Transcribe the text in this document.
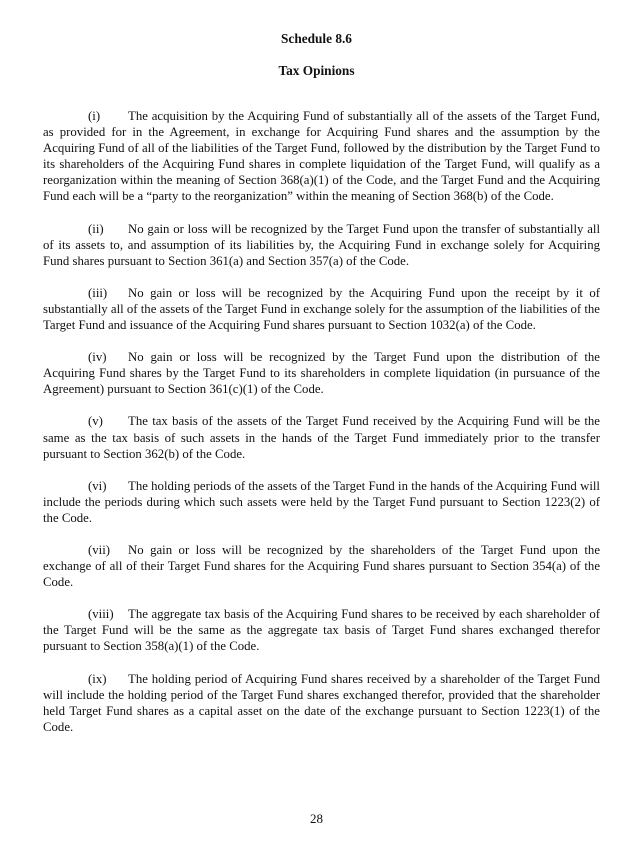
Schedule 8.6
Tax Opinions

(i) The acquisition by the Acquiring Fund of substantially all of the assets of the Target Fund, as provided for in the Agreement, in exchange for Acquiring Fund shares and the assumption by the Acquiring Fund of all of the liabilities of the Target Fund, followed by the distribution by the Target Fund to its shareholders of the Acquiring Fund shares in complete liquidation of the Target Fund, will qualify as a reorganization within the meaning of Section 368(a)(1) of the Code, and the Target Fund and the Acquiring Fund each will be a “party to the reorganization” within the meaning of Section 368(b) of the Code.

(ii) No gain or loss will be recognized by the Target Fund upon the transfer of substantially all of its assets to, and assumption of its liabilities by, the Acquiring Fund in exchange solely for Acquiring Fund shares pursuant to Section 361(a) and Section 357(a) of the Code.

(iii) No gain or loss will be recognized by the Acquiring Fund upon the receipt by it of substantially all of the assets of the Target Fund in exchange solely for the assumption of the liabilities of the Target Fund and issuance of the Acquiring Fund shares pursuant to Section 1032(a) of the Code.

(iv) No gain or loss will be recognized by the Target Fund upon the distribution of the Acquiring Fund shares by the Target Fund to its shareholders in complete liquidation (in pursuance of the Agreement) pursuant to Section 361(c)(1) of the Code.

(v) The tax basis of the assets of the Target Fund received by the Acquiring Fund will be the same as the tax basis of such assets in the hands of the Target Fund immediately prior to the transfer pursuant to Section 362(b) of the Code.

(vi) The holding periods of the assets of the Target Fund in the hands of the Acquiring Fund will include the periods during which such assets were held by the Target Fund pursuant to Section 1223(2) of the Code.

(vii) No gain or loss will be recognized by the shareholders of the Target Fund upon the exchange of all of their Target Fund shares for the Acquiring Fund shares pursuant to Section 354(a) of the Code.

(viii) The aggregate tax basis of the Acquiring Fund shares to be received by each shareholder of the Target Fund will be the same as the aggregate tax basis of Target Fund shares exchanged therefor pursuant to Section 358(a)(1) of the Code.

(ix) The holding period of Acquiring Fund shares received by a shareholder of the Target Fund will include the holding period of the Target Fund shares exchanged therefor, provided that the shareholder held Target Fund shares as a capital asset on the date of the exchange pursuant to Section 1223(1) of the Code.

28
